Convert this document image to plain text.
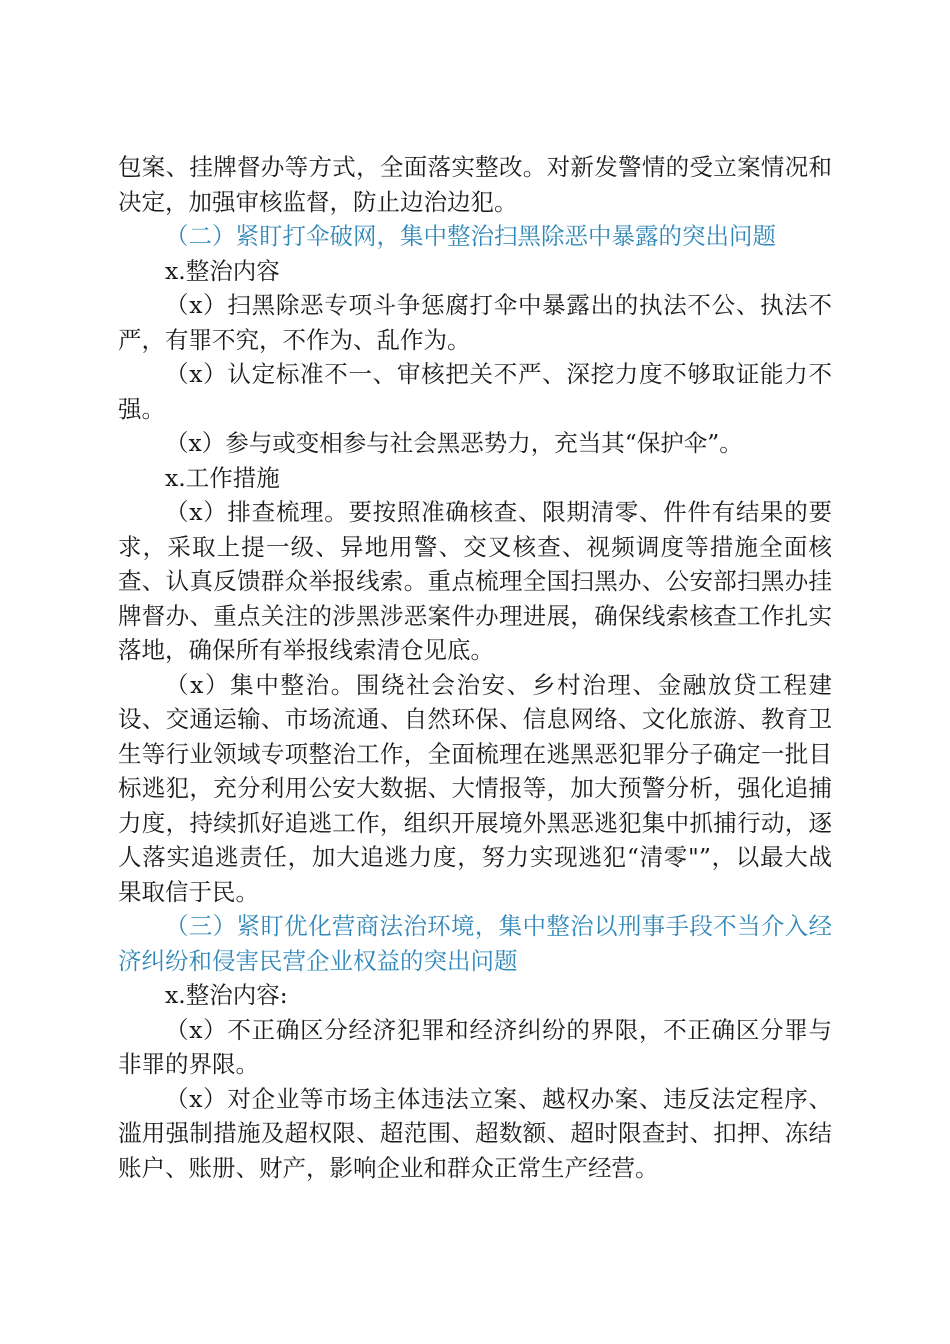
包案、挂牌督办等方式，全面落实整改。对新发警情的受立案情况和决定，加强审核监督，防止边治边犯。

（二）紧盯打伞破网，集中整治扫黑除恶中暴露的突出问题

x.整治内容

（x）扫黑除恶专项斗争惩腐打伞中暴露出的执法不公、执法不严，有罪不究，不作为、乱作为。

（x）认定标准不一、审核把关不严、深挖力度不够取证能力不强。

（x）参与或变相参与社会黑恶势力，充当其“保护伞”。

x.工作措施

（x）排查梳理。要按照准确核查、限期清零、件件有结果的要求，采取上提一级、异地用警、交叉核查、视频调度等措施全面核查、认真反馈群众举报线索。重点梳理全国扫黑办、公安部扫黑办挂牌督办、重点关注的涉黑涉恶案件办理进展，确保线索核查工作扎实落地，确保所有举报线索清仓见底。

（x）集中整治。围绕社会治安、乡村治理、金融放贷工程建设、交通运输、市场流通、自然环保、信息网络、文化旅游、教育卫生等行业领域专项整治工作，全面梳理在逃黑恶犯罪分子确定一批目标逃犯，充分利用公安大数据、大情报等，加大预警分析，强化追捕力度，持续抓好追逃工作，组织开展境外黑恶逃犯集中抓捕行动，逐人落实追逃责任，加大追逃力度，努力实现逃犯“清零"”，以最大战果取信于民。

（三）紧盯优化营商法治环境，集中整治以刑事手段不当介入经济纠纷和侵害民营企业权益的突出问题

x.整治内容:

（x）不正确区分经济犯罪和经济纠纷的界限，不正确区分罪与非罪的界限。

（x）对企业等市场主体违法立案、越权办案、违反法定程序、滥用强制措施及超权限、超范围、超数额、超时限查封、扣押、冻结账户、账册、财产，影响企业和群众正常生产经营。
